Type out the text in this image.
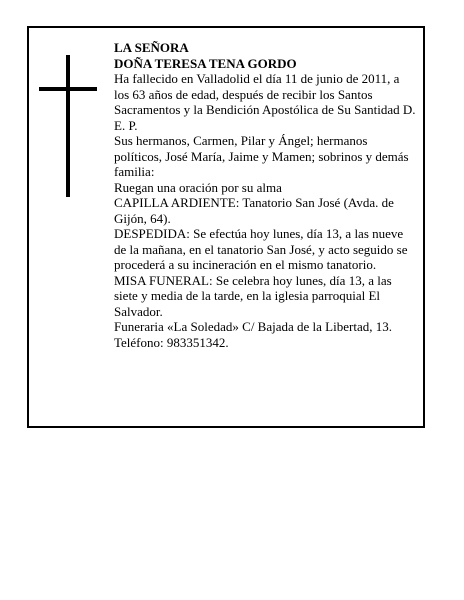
LA SEÑORA

DOÑA TERESA TENA GORDO

Ha fallecido en Valladolid el día 11 de junio de 2011, a los 63 años de edad, después de recibir los Santos Sacramentos y la Bendición Apostólica de Su Santidad D. E. P.

Sus hermanos, Carmen, Pilar y Ángel; hermanos políticos, José María, Jaime y Mamen; sobrinos y demás familia:

Ruegan una oración por su alma

CAPILLA ARDIENTE: Tanatorio San José (Avda. de Gijón, 64).

DESPEDIDA: Se efectúa hoy lunes, día 13, a las nueve de la mañana, en el tanatorio San José, y acto seguido se procederá a su incineración en el mismo tanatorio.

MISA FUNERAL: Se celebra hoy lunes, día 13, a las siete y media de la tarde, en la iglesia parroquial El Salvador.

Funeraria «La Soledad» C/ Bajada de la Libertad, 13. Teléfono: 983351342.
